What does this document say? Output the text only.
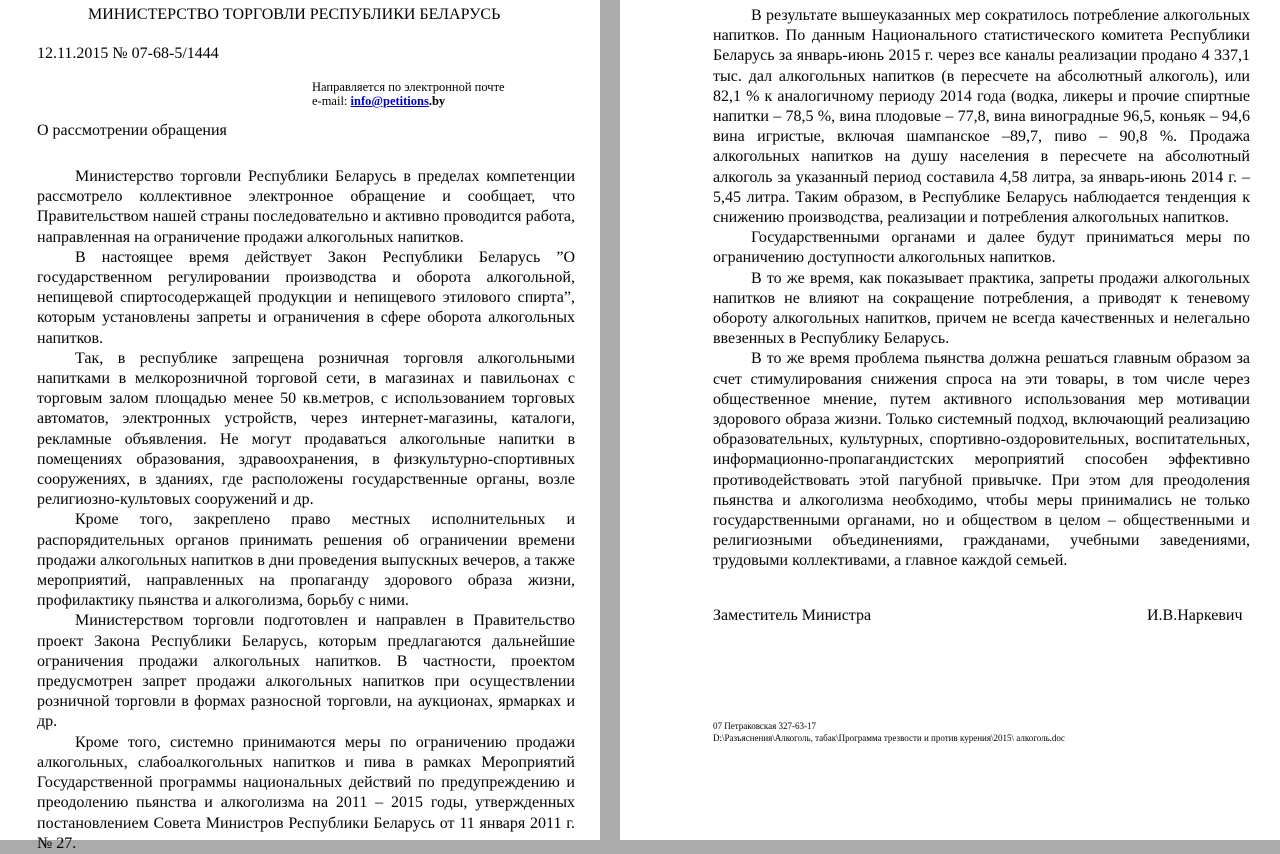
МИНИСТЕРСТВО ТОРГОВЛИ РЕСПУБЛИКИ БЕЛАРУСЬ
12.11.2015 № 07-68-5/1444
Направляется по электронной почте
e-mail: info@petitions.by
О рассмотрении обращения

Министерство торговли Республики Беларусь в пределах компетенции рассмотрело коллективное электронное обращение и сообщает, что Правительством нашей страны последовательно и активно проводится работа, направленная на ограничение продажи алкогольных напитков.

В настоящее время действует Закон Республики Беларусь ”О государственном регулировании производства и оборота алкогольной, непищевой спиртосодержащей продукции и непищевого этилового спирта”, которым установлены запреты и ограничения в сфере оборота алкогольных напитков.

Так, в республике запрещена розничная торговля алкогольными напитками в мелкорозничной торговой сети, в магазинах и павильонах с торговым залом площадью менее 50 кв.метров, с использованием торговых автоматов, электронных устройств, через интернет-магазины, каталоги, рекламные объявления. Не могут продаваться алкогольные напитки в помещениях образования, здравоохранения, в физкультурно-спортивных сооружениях, в зданиях, где расположены государственные органы, возле религиозно-культовых сооружений и др.

Кроме того, закреплено право местных исполнительных и распорядительных органов принимать решения об ограничении времени продажи алкогольных напитков в дни проведения выпускных вечеров, а также мероприятий, направленных на пропаганду здорового образа жизни, профилактику пьянства и алкоголизма, борьбу с ними.

Министерством торговли подготовлен и направлен в Правительство проект Закона Республики Беларусь, которым предлагаются дальнейшие ограничения продажи алкогольных напитков. В частности, проектом предусмотрен запрет продажи алкогольных напитков при осуществлении розничной торговли в формах разносной торговли, на аукционах, ярмарках и др.

Кроме того, системно принимаются меры по ограничению продажи алкогольных, слабоалкогольных напитков и пива в рамках Мероприятий Государственной программы национальных действий по предупреждению и преодолению пьянства и алкоголизма на 2011 – 2015 годы, утвержденных постановлением Совета Министров Республики Беларусь от 11 января 2011 г. № 27.

В результате вышеуказанных мер сократилось потребление алкогольных напитков. По данным Национального статистического комитета Республики Беларусь за январь-июнь 2015 г. через все каналы реализации продано 4 337,1 тыс. дал алкогольных напитков (в пересчете на абсолютный алкоголь), или 82,1 % к аналогичному периоду 2014 года (водка, ликеры и прочие спиртные напитки – 78,5 %, вина плодовые – 77,8, вина виноградные 96,5, коньяк – 94,6 вина игристые, включая шампанское –89,7, пиво – 90,8 %. Продажа алкогольных напитков на душу населения в пересчете на абсолютный алкоголь за указанный период составила 4,58 литра, за январь-июнь 2014 г. – 5,45 литра. Таким образом, в Республике Беларусь наблюдается тенденция к снижению производства, реализации и потребления алкогольных напитков.

Государственными органами и далее будут приниматься меры по ограничению доступности алкогольных напитков.

В то же время, как показывает практика, запреты продажи алкогольных напитков не влияют на сокращение потребления, а приводят к теневому обороту алкогольных напитков, причем не всегда качественных и нелегально ввезенных в Республику Беларусь.

В то же время проблема пьянства должна решаться главным образом за счет стимулирования снижения спроса на эти товары, в том числе через общественное мнение, путем активного использования мер мотивации здорового образа жизни. Только системный подход, включающий реализацию образовательных, культурных, спортивно-оздоровительных, воспитательных, информационно-пропагандистских мероприятий способен эффективно противодействовать этой пагубной привычке. При этом для преодоления пьянства и алкоголизма необходимо, чтобы меры принимались не только государственными органами, но и обществом в целом – общественными и религиозными объединениями, гражданами, учебными заведениями, трудовыми коллективами, а главное каждой семьей.

Заместитель Министра	И.В.Наркевич
07 Петраковская 327-63-17
D:\Разъяснения\Алкоголь, табак\Программа трезвости и против курения\2015\ алкоголь.doc
